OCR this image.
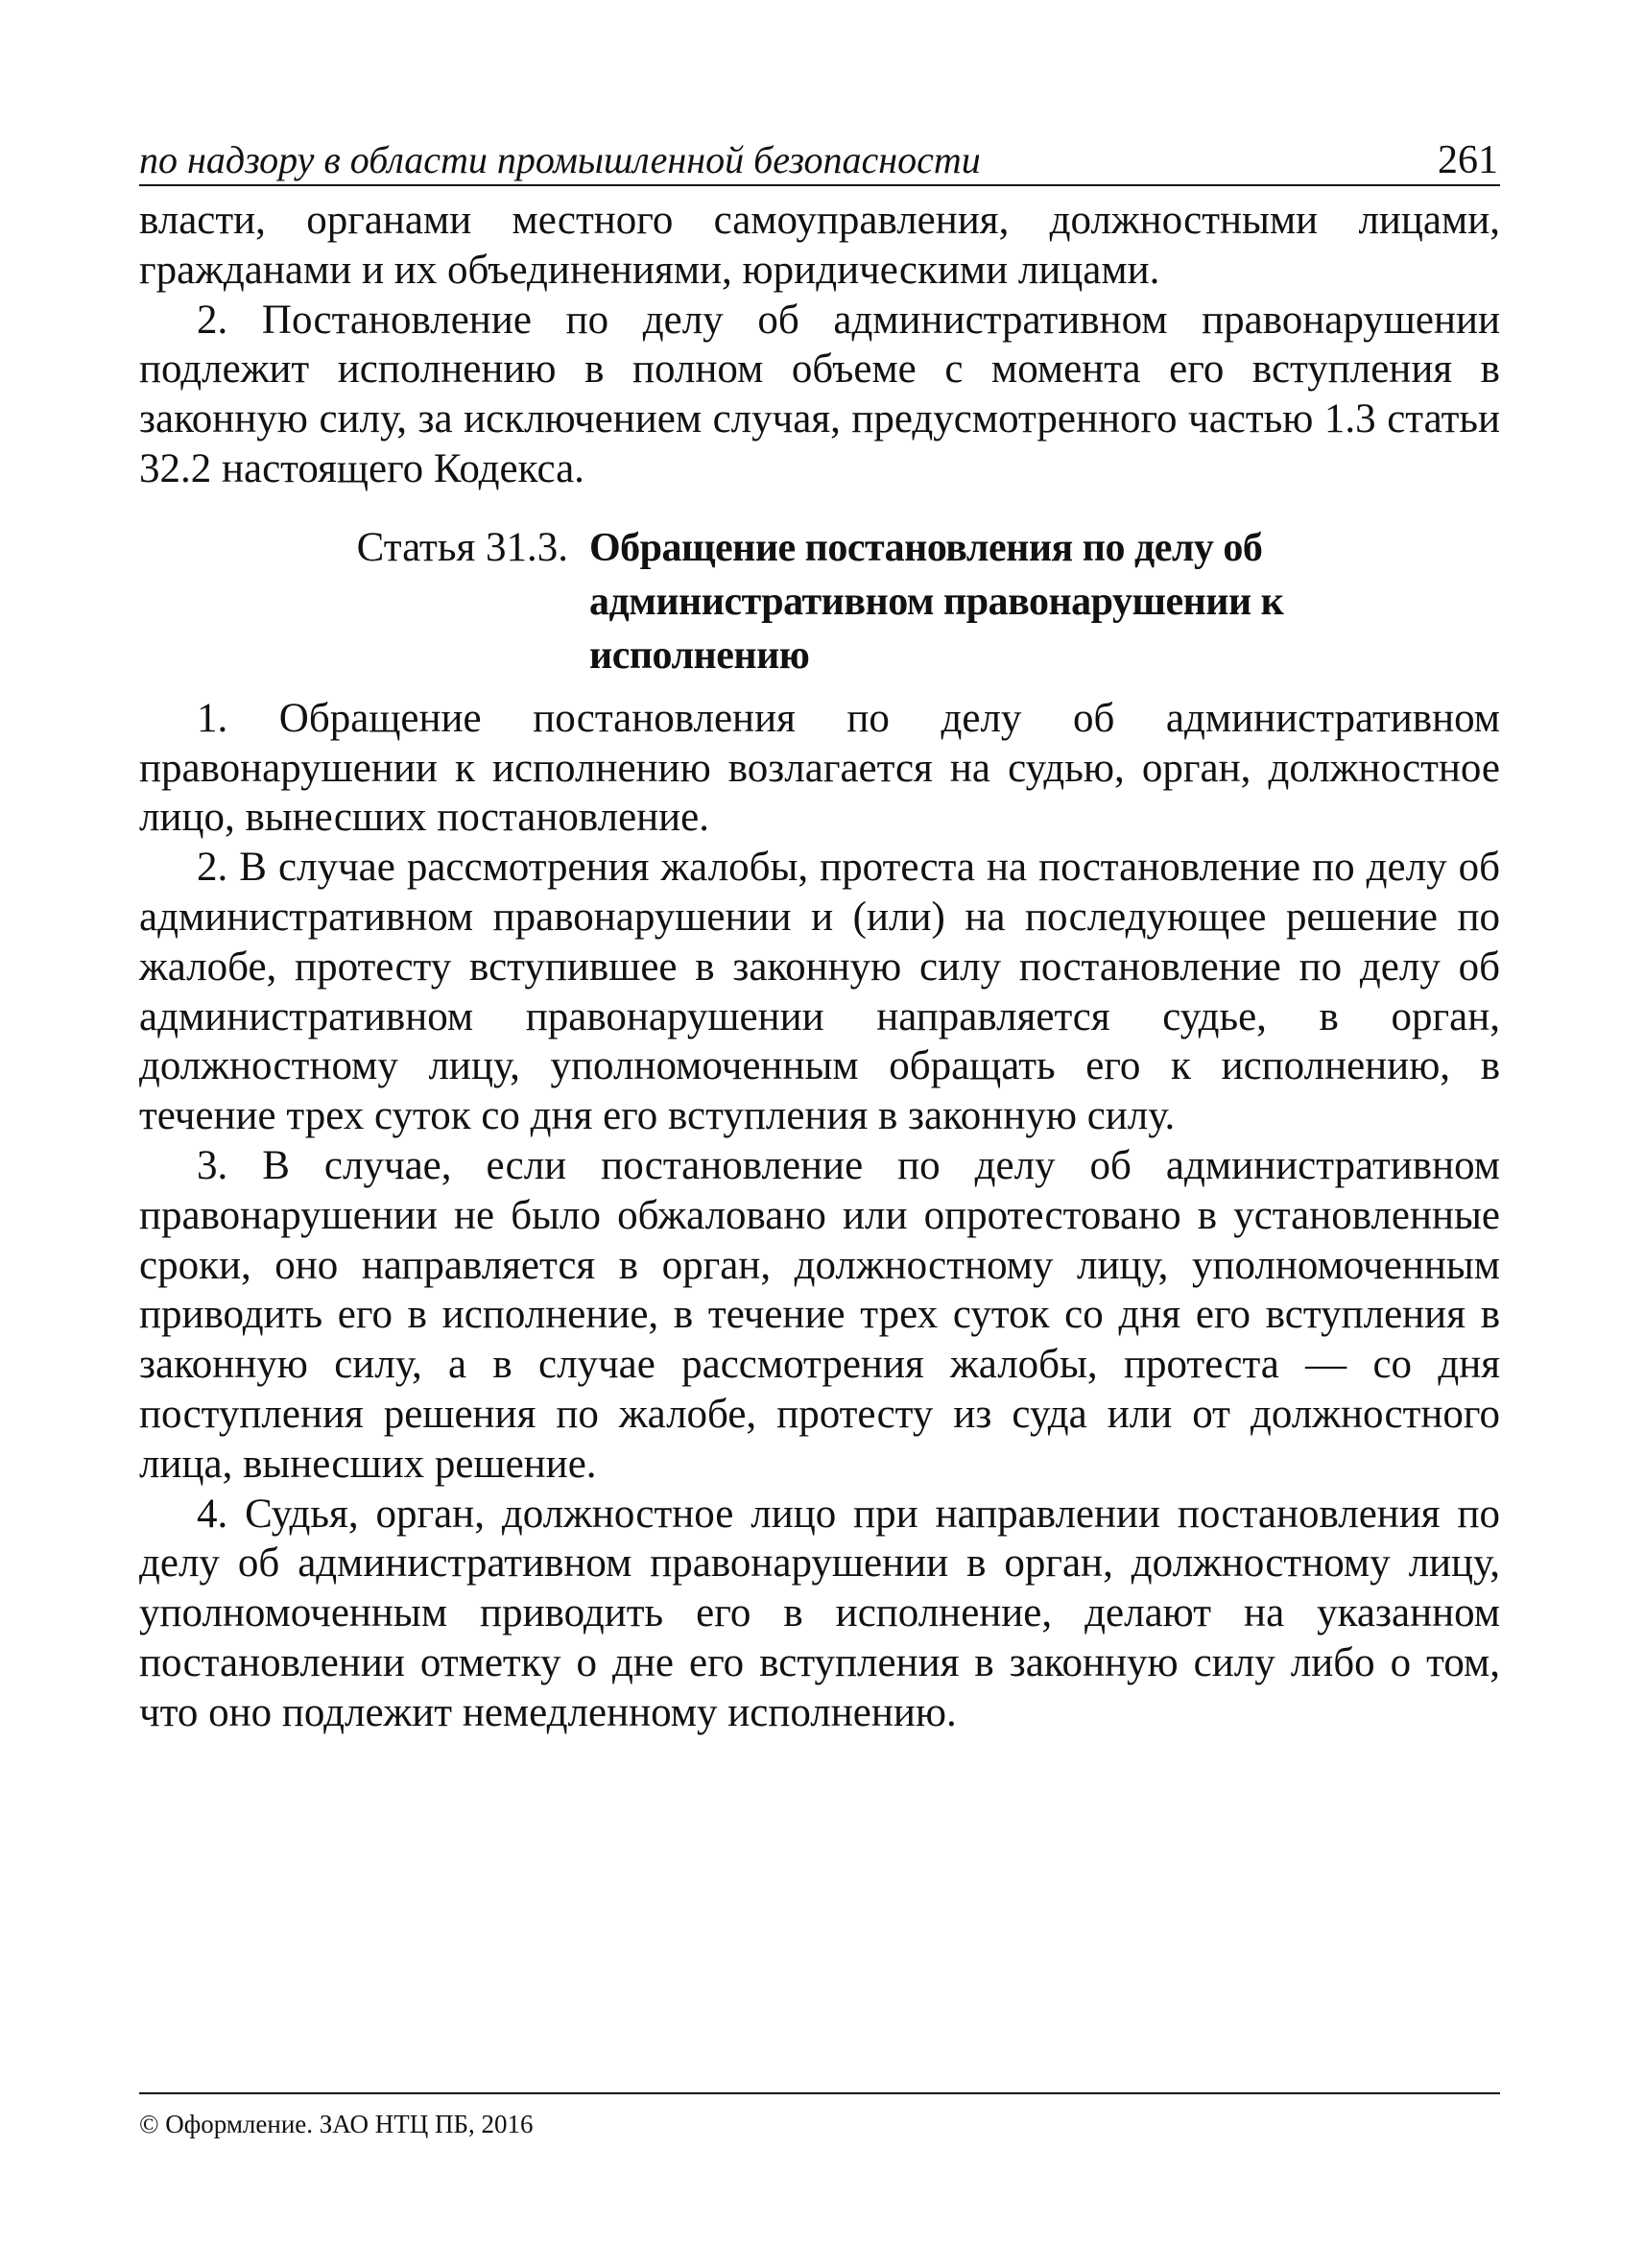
по надзору в области промышленной безопасности	261

власти, органами местного самоуправления, должностными лицами, гражданами и их объединениями, юридическими лицами.

2. Постановление по делу об административном правонарушении подлежит исполнению в полном объеме с момента его вступления в законную силу, за исключением случая, предусмотренного частью 1.3 статьи 32.2 настоящего Кодекса.

Статья 31.3. Обращение постановления по делу об административном правонарушении к исполнению

1. Обращение постановления по делу об административном правонарушении к исполнению возлагается на судью, орган, должностное лицо, вынесших постановление.

2. В случае рассмотрения жалобы, протеста на постановление по делу об административном правонарушении и (или) на последующее решение по жалобе, протесту вступившее в законную силу постановление по делу об административном правонарушении направляется судье, в орган, должностному лицу, уполномоченным обращать его к исполнению, в течение трех суток со дня его вступления в законную силу.

3. В случае, если постановление по делу об административном правонарушении не было обжаловано или опротестовано в установленные сроки, оно направляется в орган, должностному лицу, уполномоченным приводить его в исполнение, в течение трех суток со дня его вступления в законную силу, а в случае рассмотрения жалобы, протеста — со дня поступления решения по жалобе, протесту из суда или от должностного лица, вынесших решение.

4. Судья, орган, должностное лицо при направлении постановления по делу об административном правонарушении в орган, должностному лицу, уполномоченным приводить его в исполнение, делают на указанном постановлении отметку о дне его вступления в законную силу либо о том, что оно подлежит немедленному исполнению.

© Оформление. ЗАО НТЦ ПБ, 2016
